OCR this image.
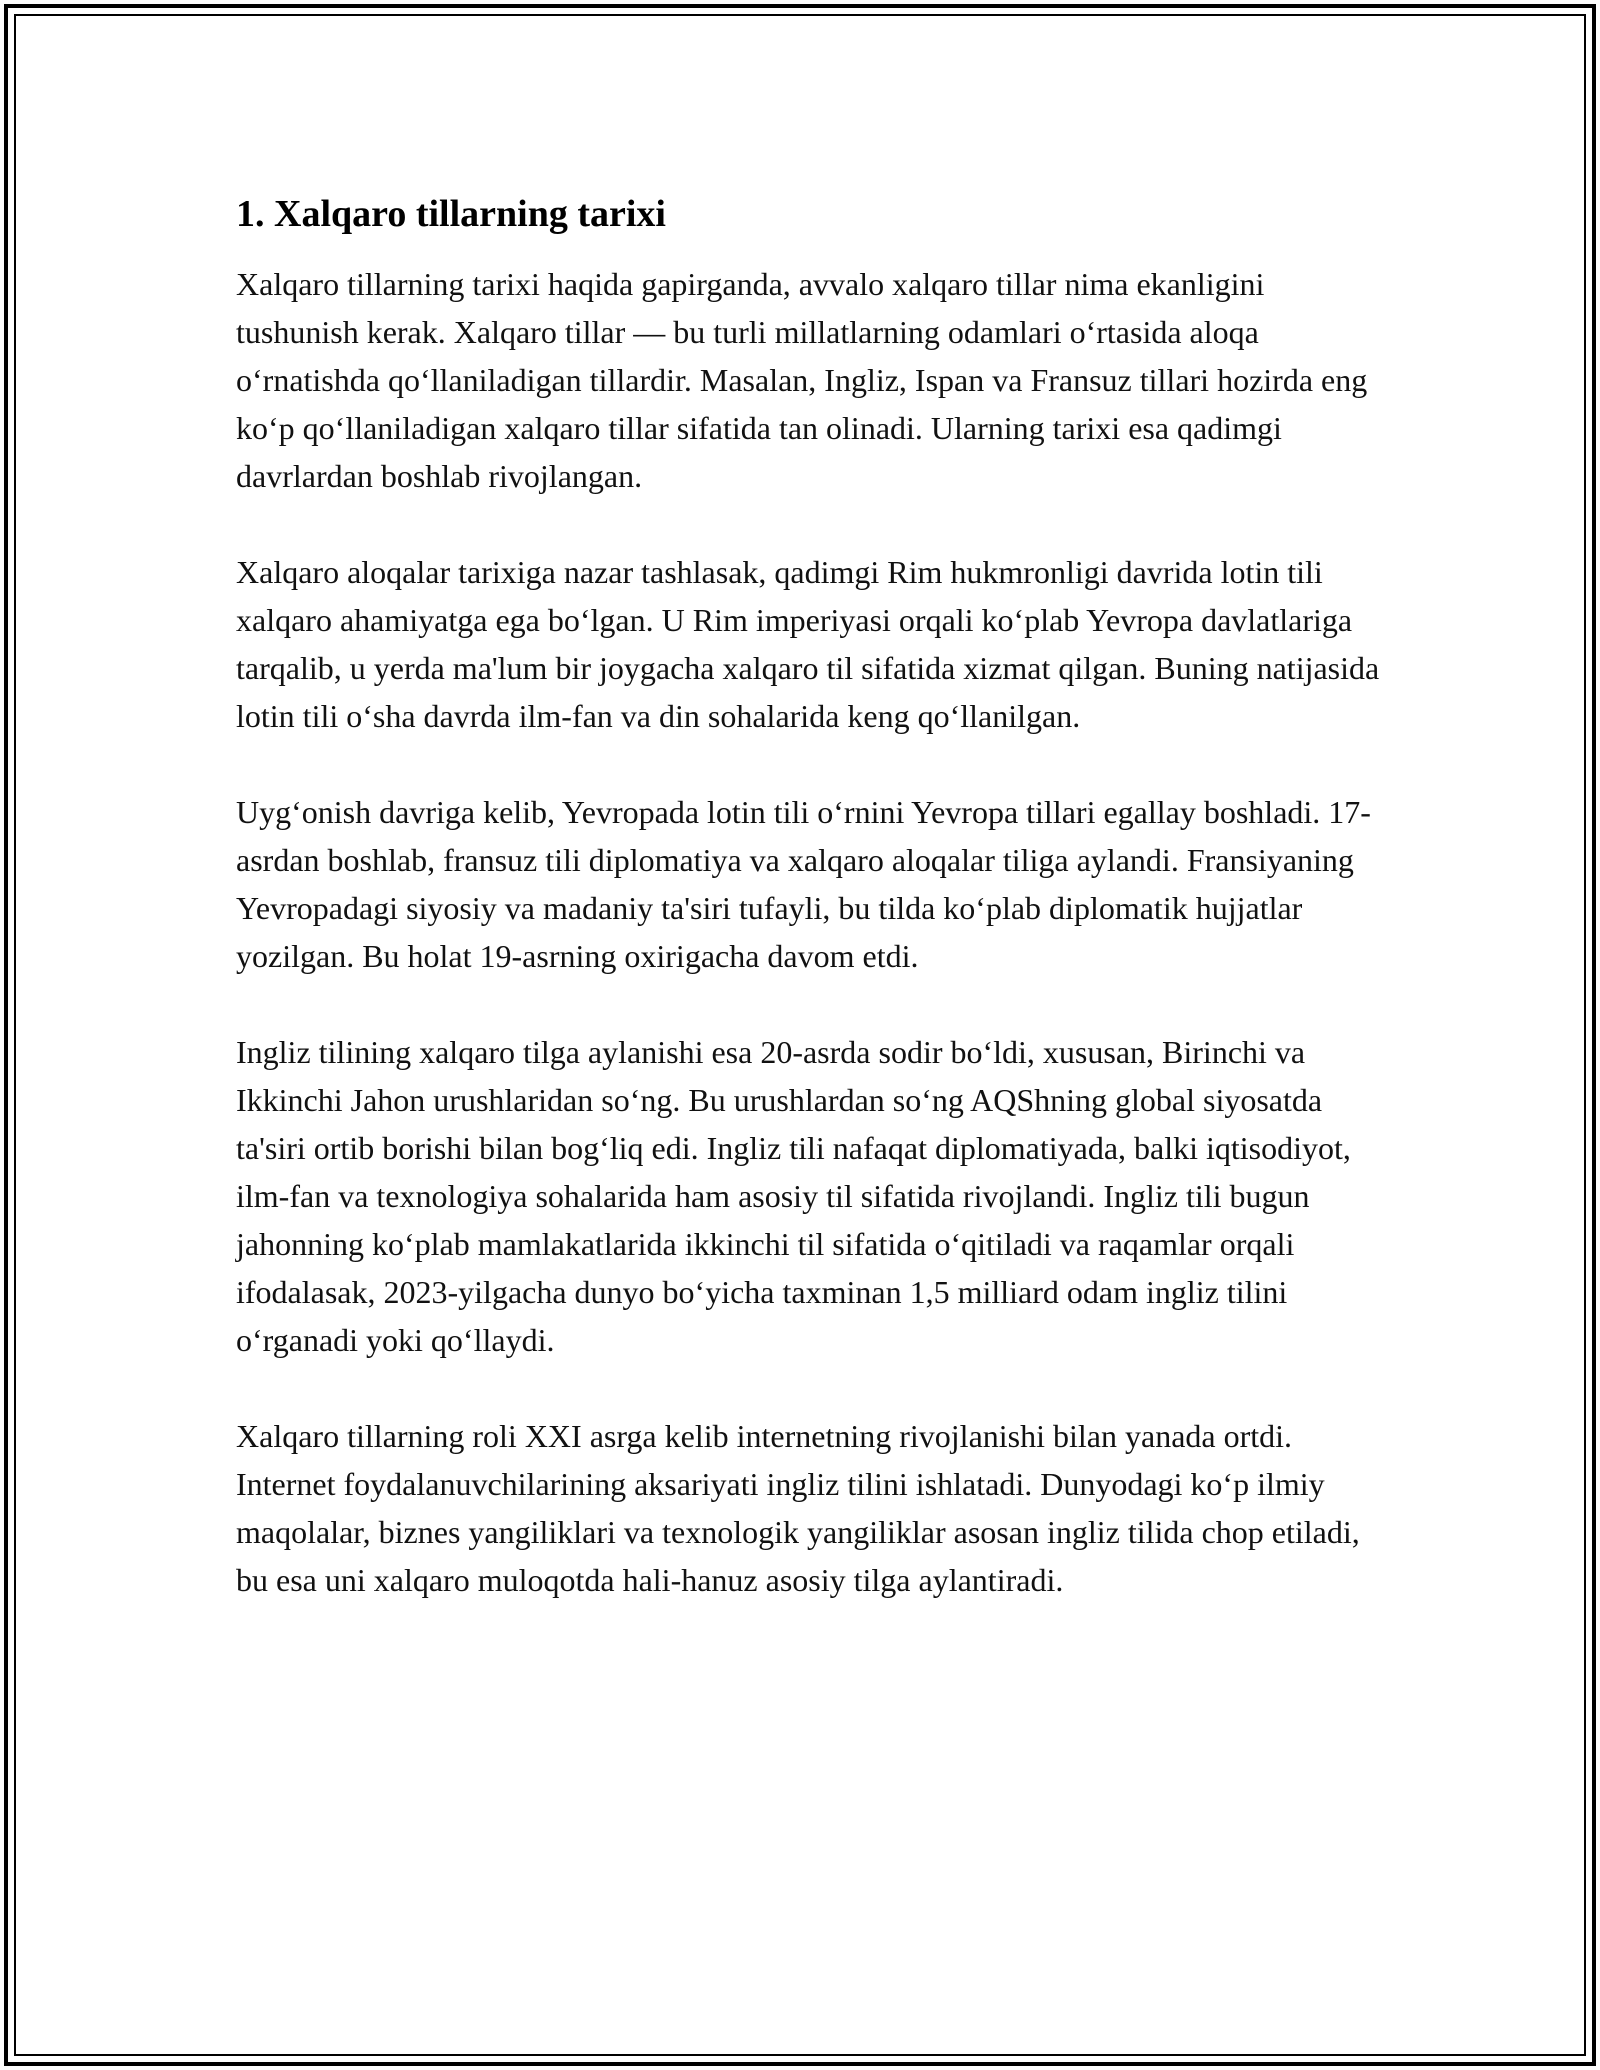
1. Xalqaro tillarning tarixi

Xalqaro tillarning tarixi haqida gapirganda, avvalo xalqaro tillar nima ekanligini tushunish kerak. Xalqaro tillar — bu turli millatlarning odamlari oʻrtasida aloqa oʻrnatishda qoʻllaniladigan tillardir. Masalan, Ingliz, Ispan va Fransuz tillari hozirda eng koʻp qoʻllaniladigan xalqaro tillar sifatida tan olinadi. Ularning tarixi esa qadimgi davrlardan boshlab rivojlangan.

Xalqaro aloqalar tarixiga nazar tashlasak, qadimgi Rim hukmronligi davrida lotin tili xalqaro ahamiyatga ega boʻlgan. U Rim imperiyasi orqali koʻplab Yevropa davlatlariga tarqalib, u yerda ma'lum bir joygacha xalqaro til sifatida xizmat qilgan. Buning natijasida lotin tili oʻsha davrda ilm-fan va din sohalarida keng qoʻllanilgan.

Uygʻonish davriga kelib, Yevropada lotin tili oʻrnini Yevropa tillari egallay boshladi. 17-asrdan boshlab, fransuz tili diplomatiya va xalqaro aloqalar tiliga aylandi. Fransiyaning Yevropadagi siyosiy va madaniy ta'siri tufayli, bu tilda koʻplab diplomatik hujjatlar yozilgan. Bu holat 19-asrning oxirigacha davom etdi.

Ingliz tilining xalqaro tilga aylanishi esa 20-asrda sodir boʻldi, xususan, Birinchi va Ikkinchi Jahon urushlaridan soʻng. Bu urushlardan soʻng AQShning global siyosatda ta'siri ortib borishi bilan bogʻliq edi. Ingliz tili nafaqat diplomatiyada, balki iqtisodiyot, ilm-fan va texnologiya sohalarida ham asosiy til sifatida rivojlandi. Ingliz tili bugun jahonning koʻplab mamlakatlarida ikkinchi til sifatida oʻqitiladi va raqamlar orqali ifodalasak, 2023-yilgacha dunyo boʻyicha taxminan 1,5 milliard odam ingliz tilini oʻrganadi yoki qoʻllaydi.

Xalqaro tillarning roli XXI asrga kelib internetning rivojlanishi bilan yanada ortdi. Internet foydalanuvchilarining aksariyati ingliz tilini ishlatadi. Dunyodagi koʻp ilmiy maqolalar, biznes yangiliklari va texnologik yangiliklar asosan ingliz tilida chop etiladi, bu esa uni xalqaro muloqotda hali-hanuz asosiy tilga aylantiradi.
